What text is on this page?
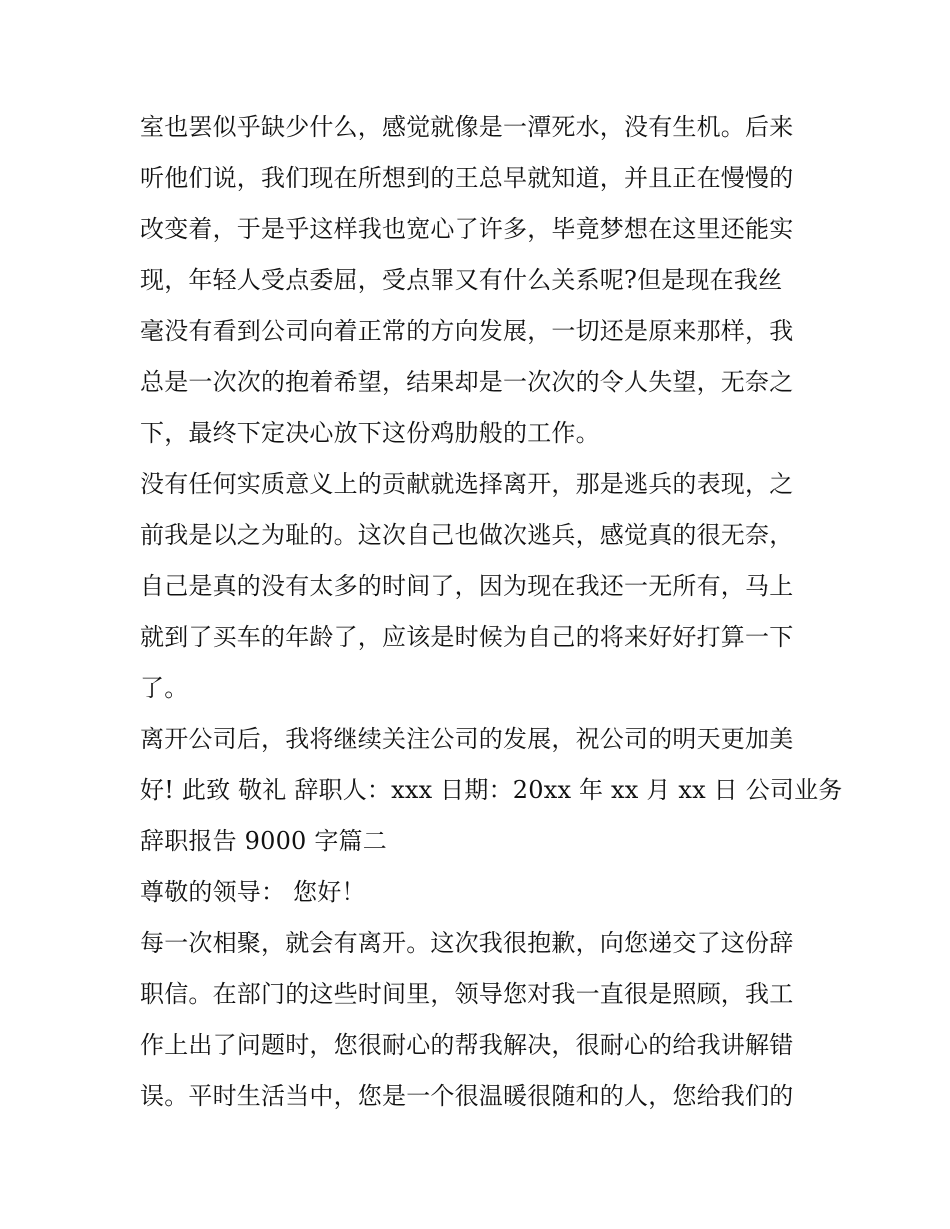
室也罢似乎缺少什么，感觉就像是一潭死水，没有生机。后来
听他们说，我们现在所想到的王总早就知道，并且正在慢慢的
改变着，于是乎这样我也宽心了许多，毕竟梦想在这里还能实
现，年轻人受点委屈，受点罪又有什么关系呢?但是现在我丝
毫没有看到公司向着正常的方向发展，一切还是原来那样，我
总是一次次的抱着希望，结果却是一次次的令人失望，无奈之
下，最终下定决心放下这份鸡肋般的工作。
没有任何实质意义上的贡献就选择离开，那是逃兵的表现，之
前我是以之为耻的。这次自己也做次逃兵，感觉真的很无奈，
自己是真的没有太多的时间了，因为现在我还一无所有，马上
就到了买车的年龄了，应该是时候为自己的将来好好打算一下
了。
离开公司后，我将继续关注公司的发展，祝公司的明天更加美
好! 此致 敬礼 辞职人：xxx 日期：20xx 年 xx 月 xx 日 公司业务
辞职报告 9000 字篇二
尊敬的领导： 您好！
每一次相聚，就会有离开。这次我很抱歉，向您递交了这份辞
职信。在部门的这些时间里，领导您对我一直很是照顾，我工
作上出了问题时，您很耐心的帮我解决，很耐心的给我讲解错
误。平时生活当中，您是一个很温暖很随和的人，您给我们的
